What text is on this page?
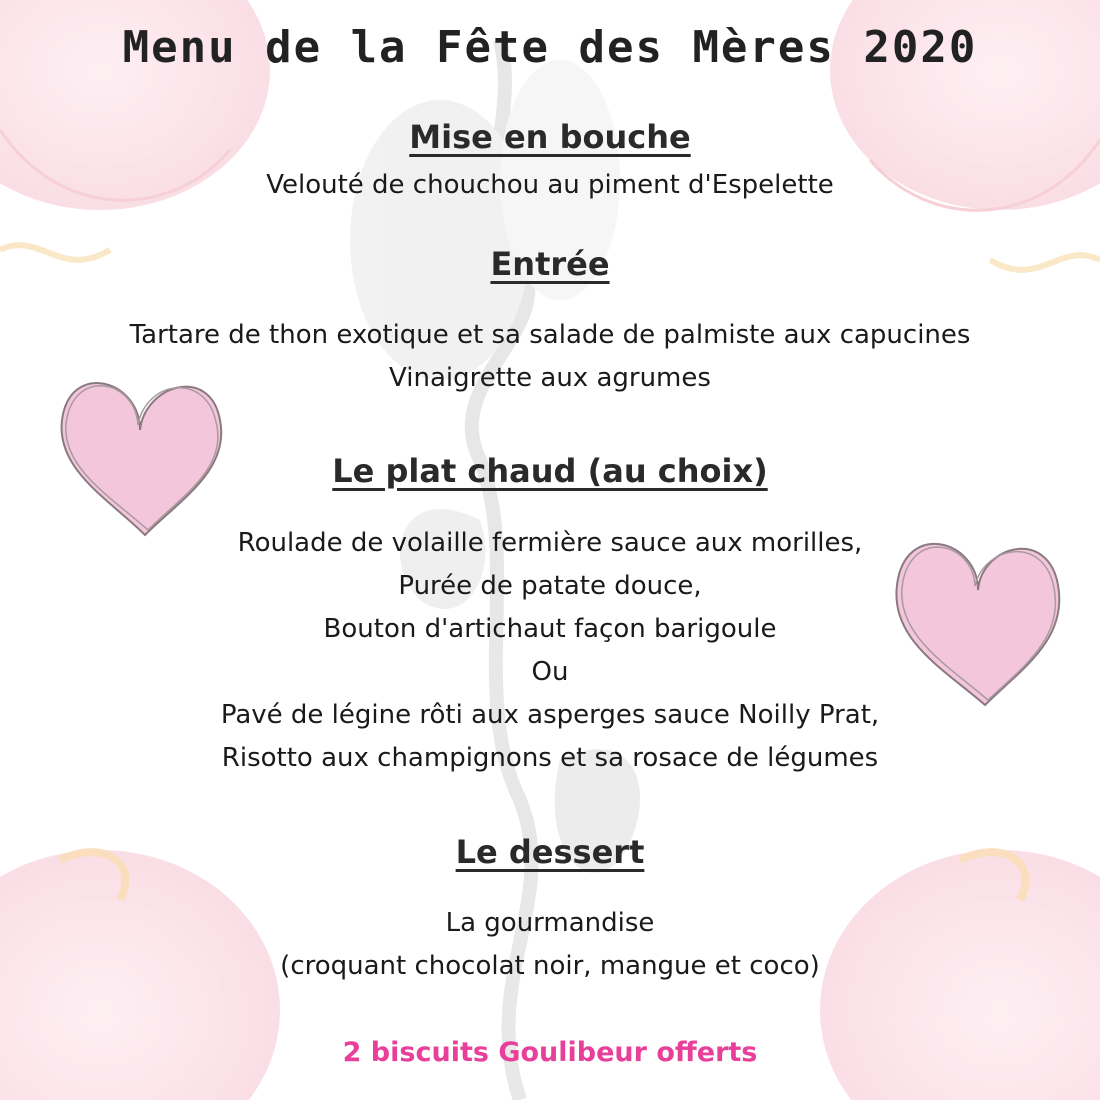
Menu de la Fête des Mères 2020
Mise en bouche
Velouté de chouchou au piment d'Espelette
Entrée
Tartare de thon exotique et sa salade de palmiste aux capucines
Vinaigrette aux agrumes
Le plat chaud (au choix)
Roulade de volaille fermière sauce aux morilles,
Purée de patate douce,
Bouton d'artichaut façon barigoule
Ou
Pavé de légine rôti aux asperges sauce Noilly Prat,
Risotto aux champignons et sa rosace de légumes
Le dessert
La gourmandise
(croquant chocolat noir, mangue et coco)
2 biscuits Goulibeur offerts
